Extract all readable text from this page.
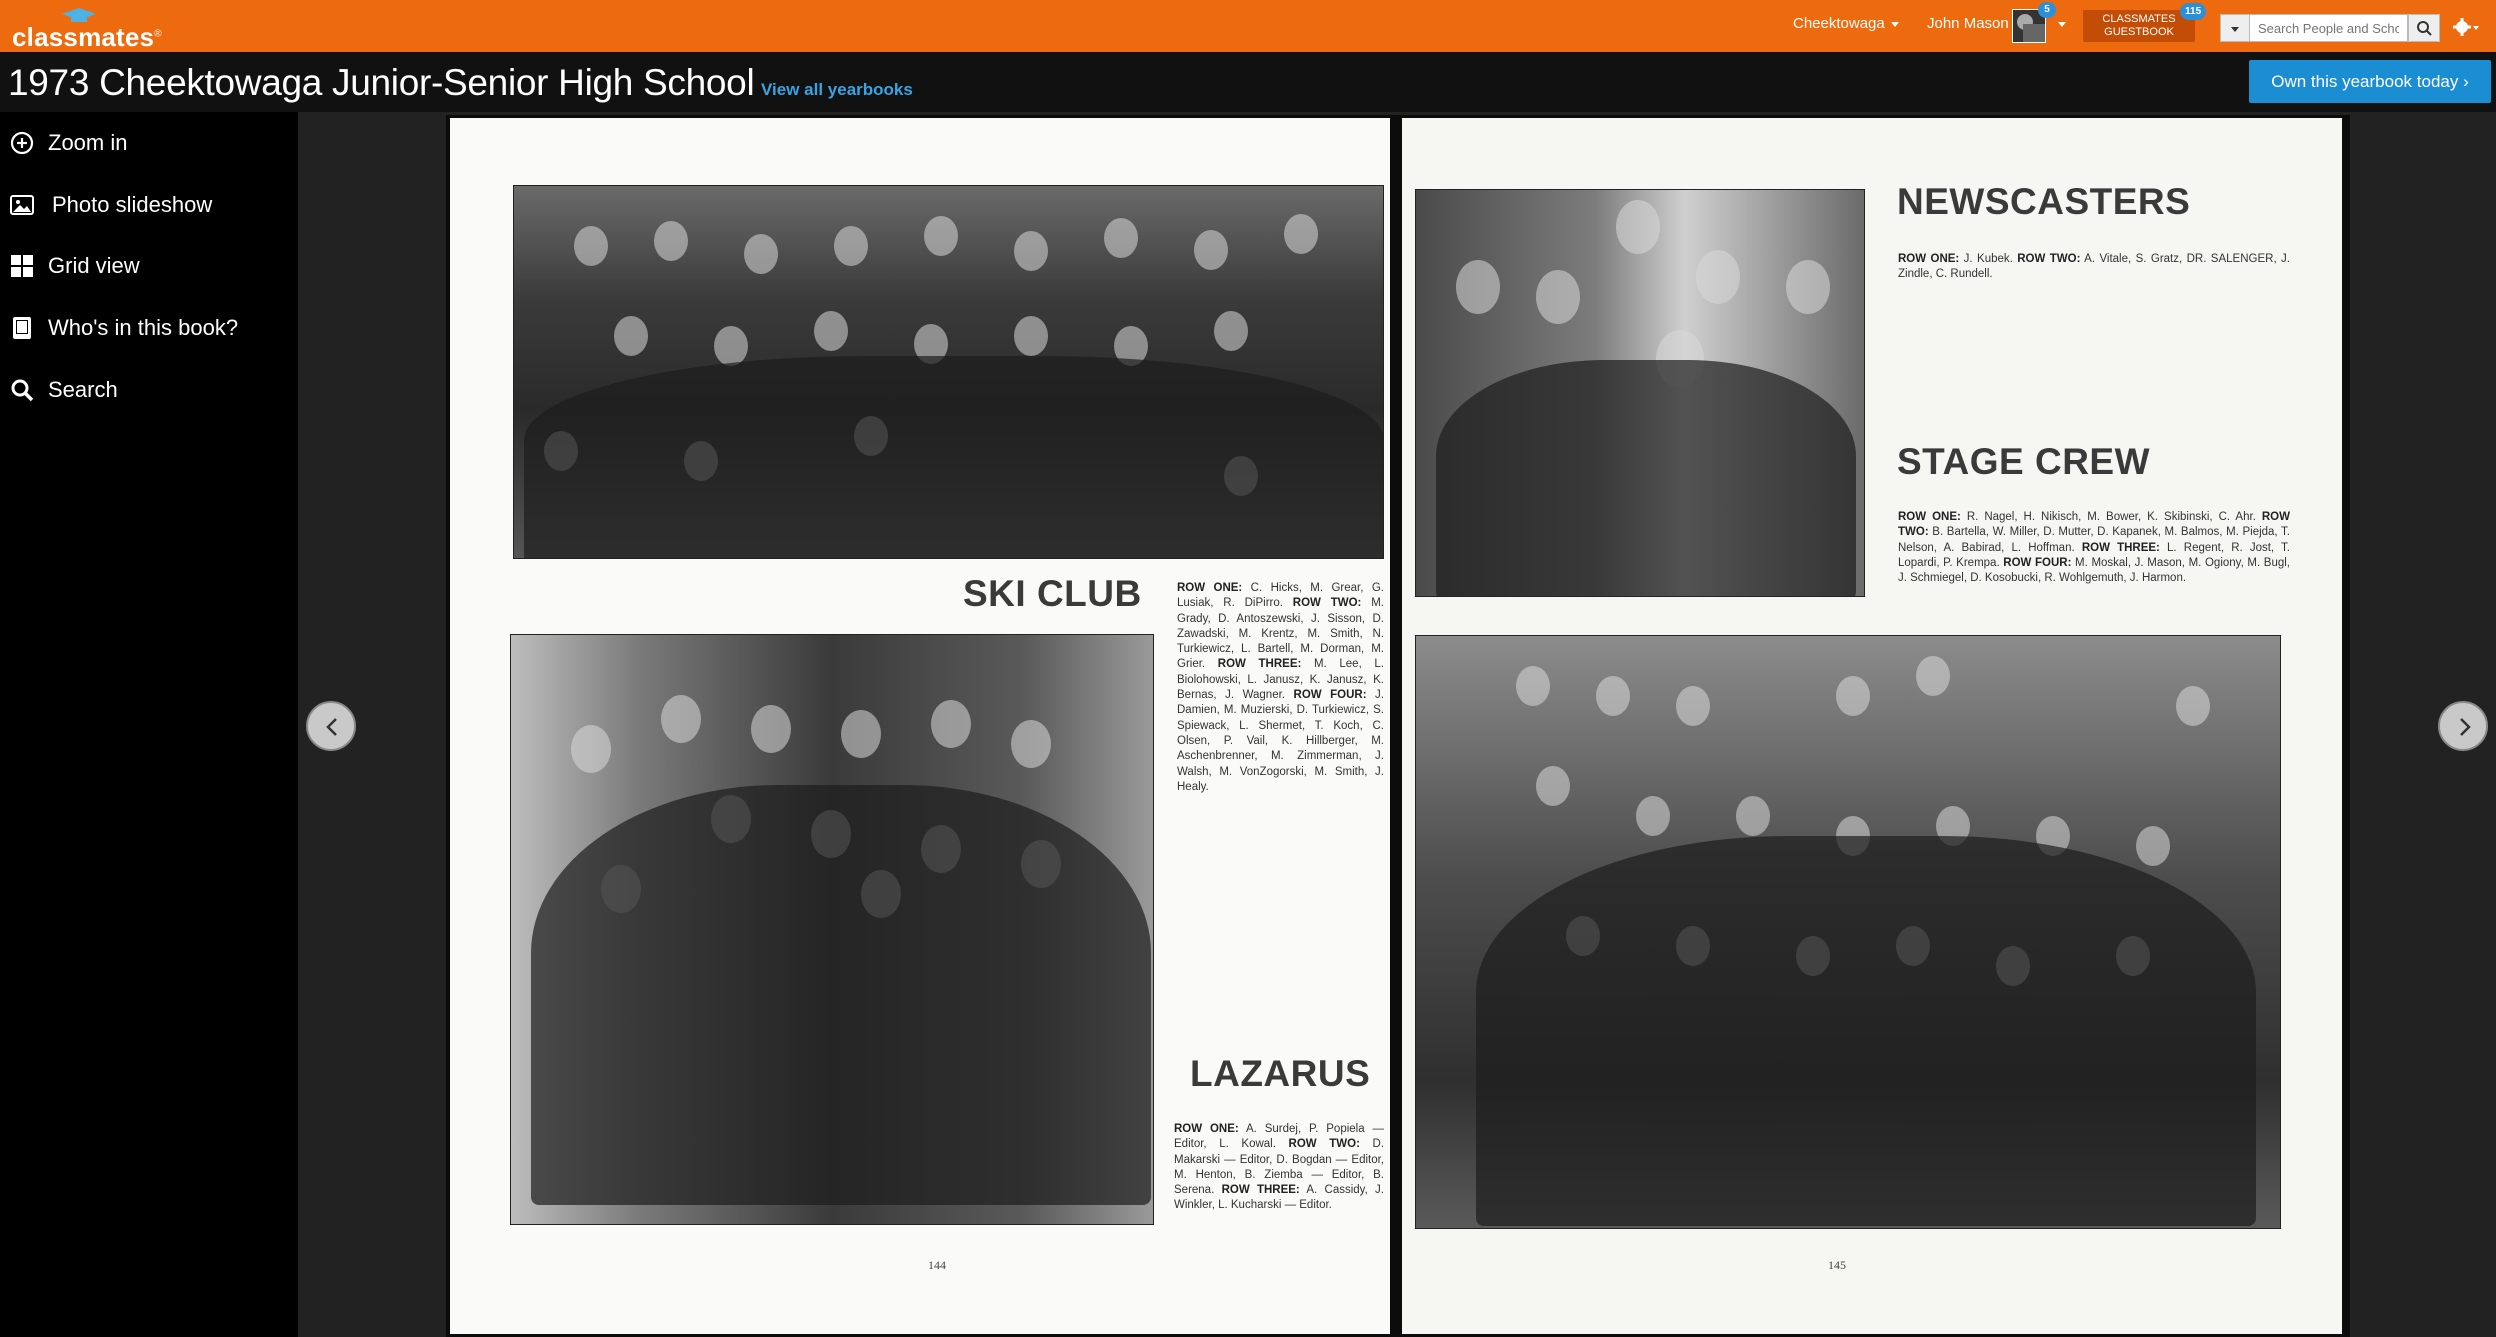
classmates®
Cheektowaga	John Mason
5
CLASSMATES
GUESTBOOK
115
Search People and Schools
1973 Cheektowaga Junior-Senior High School View all yearbooks	Own this yearbook today ›
Zoom in
Photo slideshow
Grid view
Who's in this book?
Search
SKI CLUB	ROW ONE: C. Hicks, M. Grear, G. Lusiak, R. DiPirro. ROW TWO: M. Grady, D. Antoszewski, J. Sisson, D. Zawadski, M. Krentz, M. Smith, N. Turkiewicz, L. Bartell, M. Dorman, M. Grier. ROW THREE: M. Lee, L. Biolohowski, L. Janusz, K. Janusz, K. Bernas, J. Wagner. ROW FOUR: J. Damien, M. Muzierski, D. Turkiewicz, S. Spiewack, L. Shermet, T. Koch, C. Olsen, P. Vail, K. Hillberger, M. Aschenbrenner, M. Zimmerman, J. Walsh, M. VonZogorski, M. Smith, J. Healy.
LAZARUS
ROW ONE: A. Surdej, P. Popiela — Editor, L. Kowal. ROW TWO: D. Makarski — Editor, D. Bogdan — Editor, M. Henton, B. Ziemba — Editor, B. Serena. ROW THREE: A. Cassidy, J. Winkler, L. Kucharski — Editor.
144
NEWSCASTERS
ROW ONE: J. Kubek. ROW TWO: A. Vitale, S. Gratz, DR. SALENGER, J. Zindle, C. Rundell.
STAGE CREW
ROW ONE: R. Nagel, H. Nikisch, M. Bower, K. Skibinski, C. Ahr. ROW TWO: B. Bartella, W. Miller, D. Mutter, D. Kapanek, M. Balmos, M. Piejda, T. Nelson, A. Babirad, L. Hoffman. ROW THREE: L. Regent, R. Jost, T. Lopardi, P. Krempa. ROW FOUR: M. Moskal, J. Mason, M. Ogiony, M. Bugl, J. Schmiegel, D. Kosobucki, R. Wohlgemuth, J. Harmon.
145
